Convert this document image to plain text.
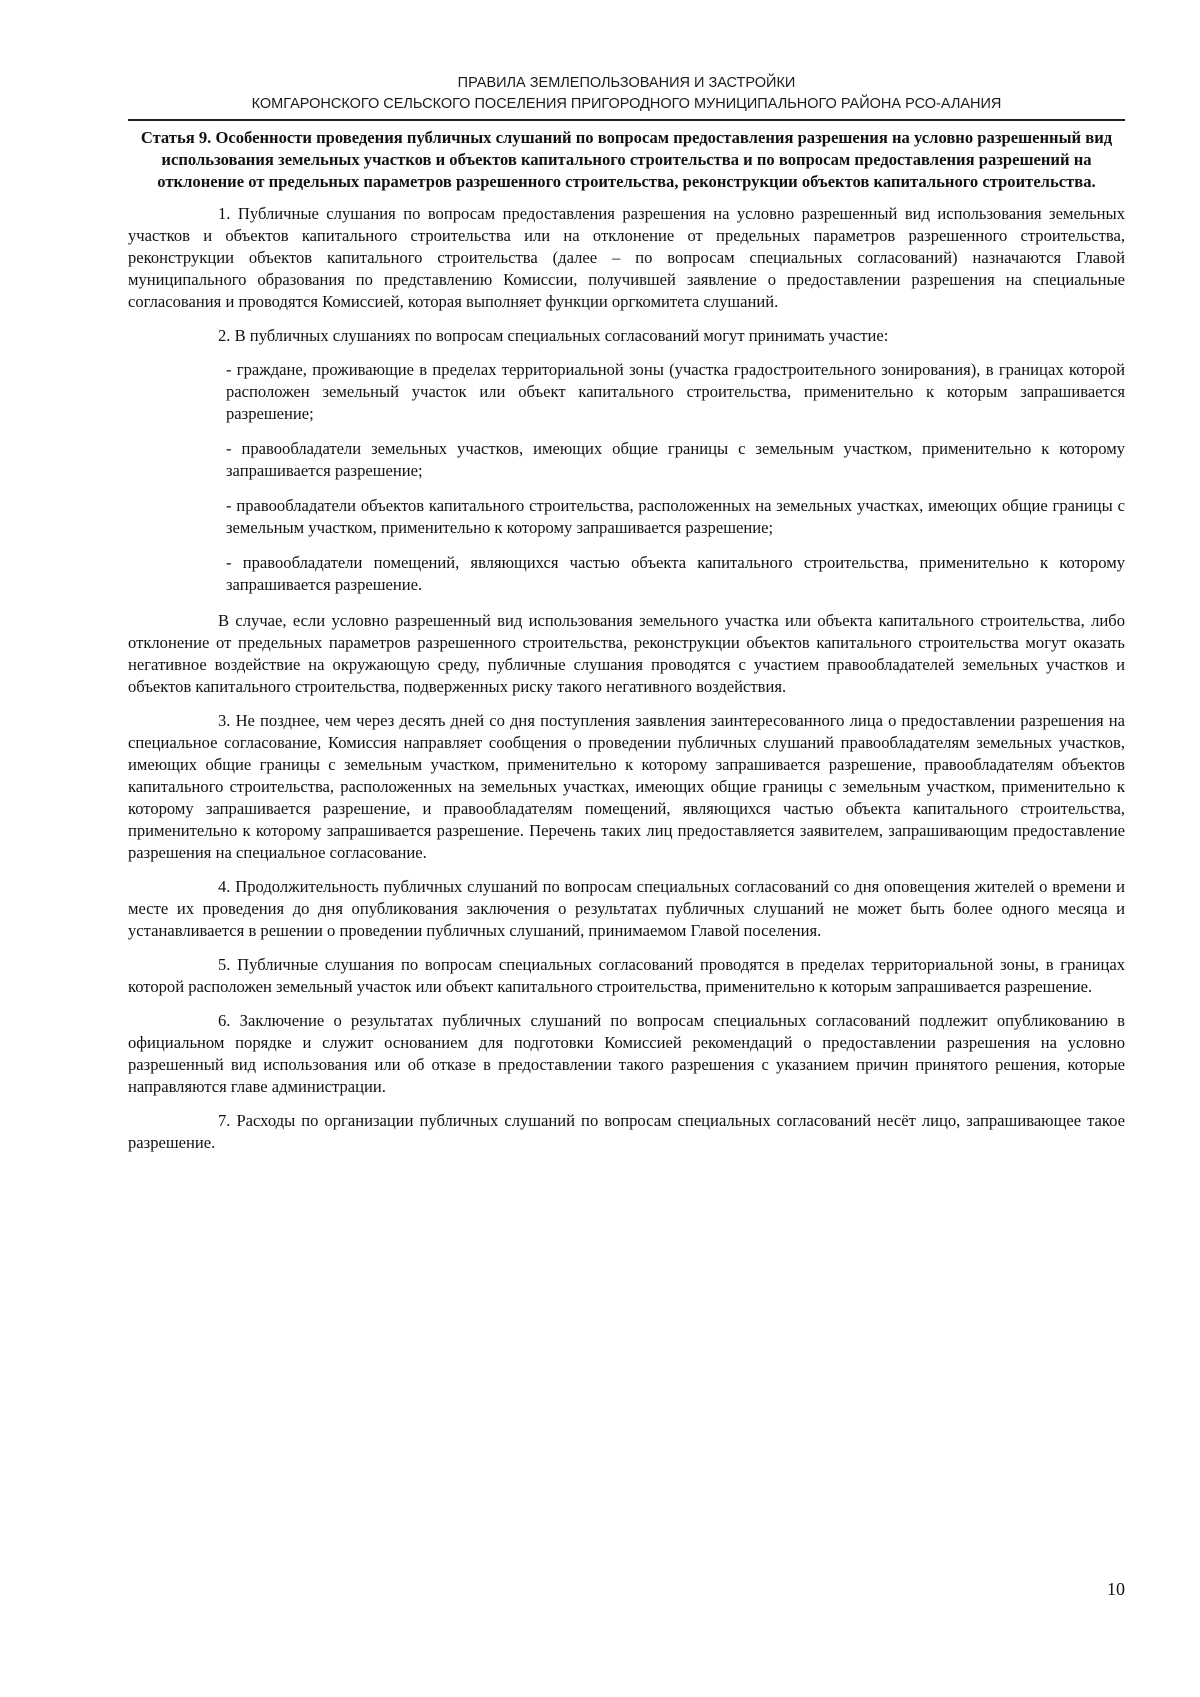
ПРАВИЛА ЗЕМЛЕПОЛЬЗОВАНИЯ И ЗАСТРОЙКИ
КОМГАРОНСКОГО СЕЛЬСКОГО ПОСЕЛЕНИЯ ПРИГОРОДНОГО МУНИЦИПАЛЬНОГО РАЙОНА РСО-АЛАНИЯ
Статья 9. Особенности проведения публичных слушаний по вопросам предоставления разрешения на условно разрешенный вид использования земельных участков и объектов капитального строительства и по вопросам предоставления разрешений на отклонение от предельных параметров разрешенного строительства, реконструкции объектов капитального строительства.

1. Публичные слушания по вопросам предоставления разрешения на условно разрешенный вид использования земельных участков и объектов капитального строительства или на отклонение от предельных параметров разрешенного строительства, реконструкции объектов капитального строительства (далее – по вопросам специальных согласований) назначаются Главой муниципального образования по представлению Комиссии, получившей заявление о предоставлении разрешения на специальные согласования и проводятся Комиссией, которая выполняет функции оргкомитета слушаний.

2. В публичных слушаниях по вопросам специальных согласований могут принимать участие:

- граждане, проживающие в пределах территориальной зоны (участка градостроительного зонирования), в границах которой расположен земельный участок или объект капитального строительства, применительно к которым запрашивается разрешение;
- правообладатели земельных участков, имеющих общие границы с земельным участком, применительно к которому запрашивается разрешение;
- правообладатели объектов капитального строительства, расположенных на земельных участках, имеющих общие границы с земельным участком, применительно к которому запрашивается разрешение;
- правообладатели помещений, являющихся частью объекта капитального строительства, применительно к которому запрашивается разрешение.

В случае, если условно разрешенный вид использования земельного участка или объекта капитального строительства, либо отклонение от предельных параметров разрешенного строительства, реконструкции объектов капитального строительства могут оказать негативное воздействие на окружающую среду, публичные слушания проводятся с участием правообладателей земельных участков и объектов капитального строительства, подверженных риску такого негативного воздействия.

3. Не позднее, чем через десять дней со дня поступления заявления заинтересованного лица о предоставлении разрешения на специальное согласование, Комиссия направляет сообщения о проведении публичных слушаний правообладателям земельных участков, имеющих общие границы с земельным участком, применительно к которому запрашивается разрешение, правообладателям объектов капитального строительства, расположенных на земельных участках, имеющих общие границы с земельным участком, применительно к которому запрашивается разрешение, и правообладателям помещений, являющихся частью объекта капитального строительства, применительно к которому запрашивается разрешение. Перечень таких лиц предоставляется заявителем, запрашивающим предоставление разрешения на специальное согласование.

4. Продолжительность публичных слушаний по вопросам специальных согласований со дня оповещения жителей о времени и месте их проведения до дня опубликования заключения о результатах публичных слушаний не может быть более одного месяца и устанавливается в решении о проведении публичных слушаний, принимаемом Главой поселения.

5. Публичные слушания по вопросам специальных согласований проводятся в пределах территориальной зоны, в границах которой расположен земельный участок или объект капитального строительства, применительно к которым запрашивается разрешение.

6. Заключение о результатах публичных слушаний по вопросам специальных согласований подлежит опубликованию в официальном порядке и служит основанием для подготовки Комиссией рекомендаций о предоставлении разрешения на условно разрешенный вид использования или об отказе в предоставлении такого разрешения с указанием причин принятого решения, которые направляются главе администрации.

7. Расходы по организации публичных слушаний по вопросам специальных согласований несёт лицо, запрашивающее такое разрешение.

10
